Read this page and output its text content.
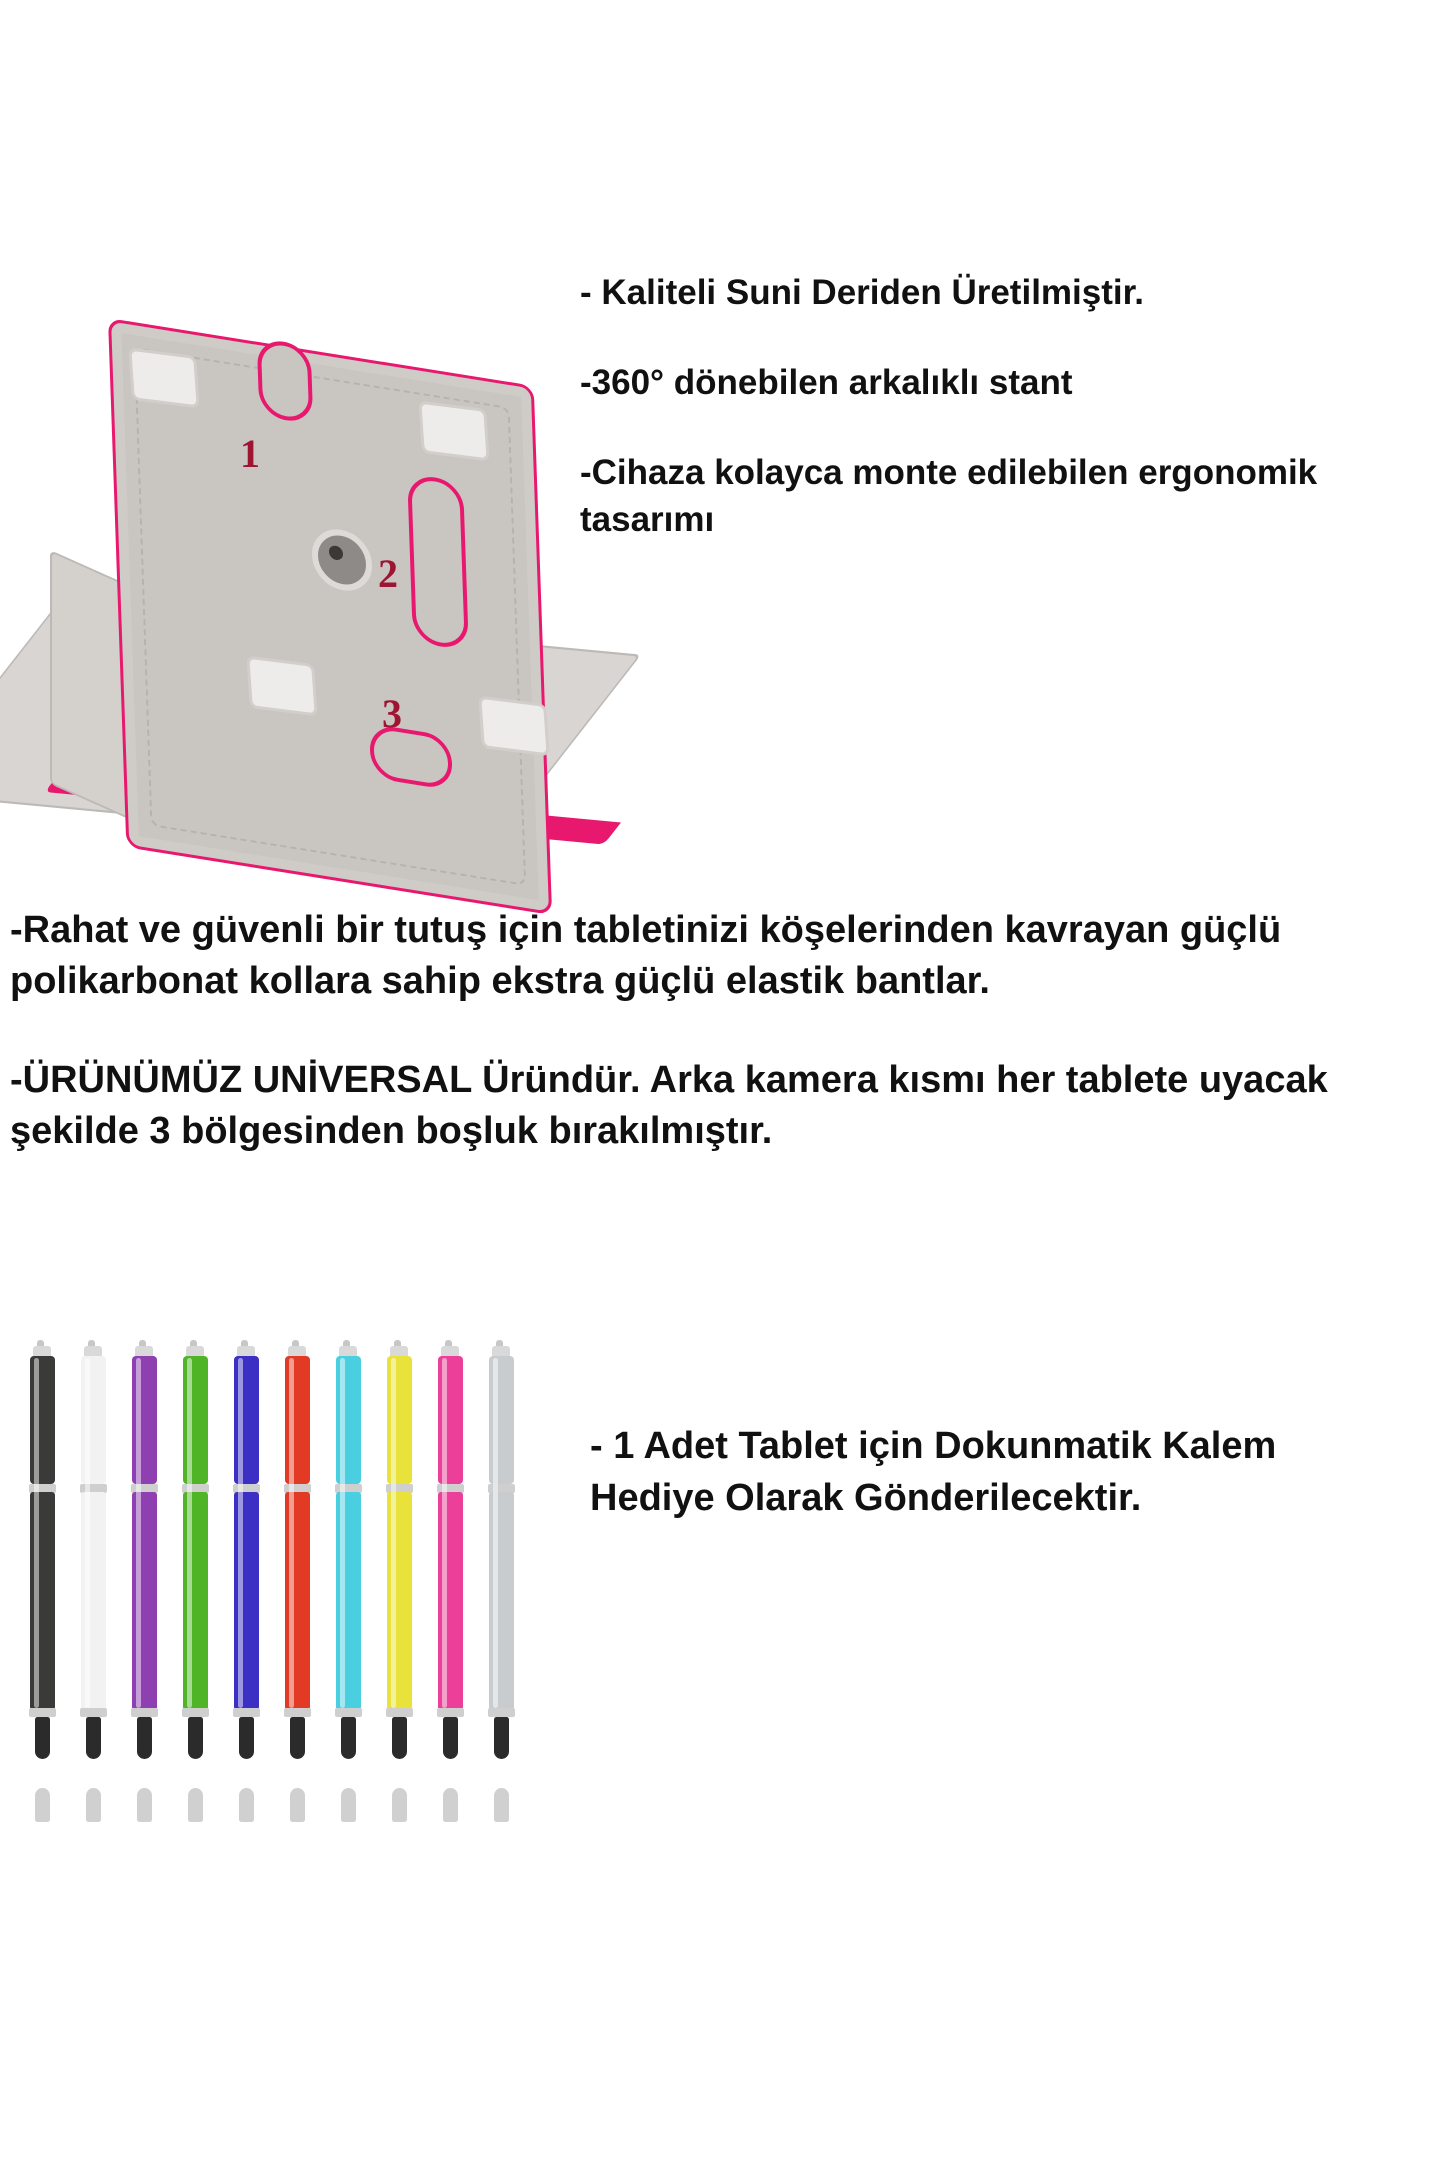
1
2
3
- Kaliteli Suni Deriden Üretilmiştir.
-360° dönebilen arkalıklı stant
-Cihaza kolayca monte edilebilen ergonomik tasarımı
-Rahat ve güvenli bir tutuş için tabletinizi köşelerinden kavrayan güçlü polikarbonat kollara sahip ekstra güçlü elastik bantlar.
-ÜRÜNÜMÜZ UNİVERSAL Üründür. Arka kamera kısmı her tablete uyacak şekilde 3 bölgesinden boşluk bırakılmıştır.
- 1 Adet Tablet için Dokunmatik Kalem Hediye Olarak Gönderilecektir.
